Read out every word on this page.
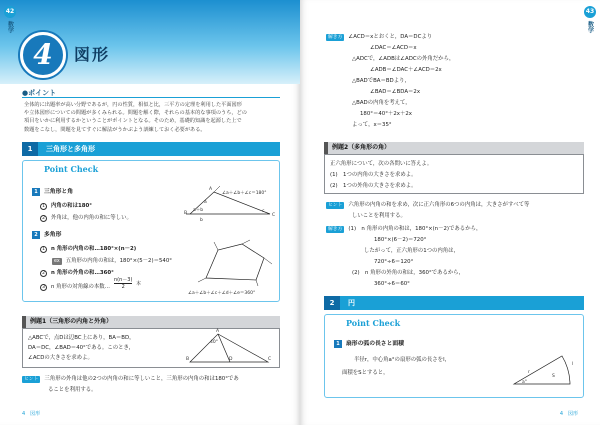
42
数学
4	図形
●ポイント
全体的に出題率が高い分野であるが，円の性質，相似と比，三平方の定理を利用した平面図形
や立体図形についての問題が多くみられる。問題を解く際，それらの基本的な事項のうち，どの
項目をいかに利用するかということがポイントとなる。そのため，基礎的知識を起源した上で
数題をこなし，問題を見てすぐに解法がうかぶよう訓練しておく必要がある。
1 三角形と多角形
Point Check
1 三角形と角
1 内角の和は180°
2 外角は，他の内角の和に等しい。
∠a＋∠b＋∠c＝180°
A
B	C
a
a＋b
b
c
2 多角形
1 n 角形の内角の和…180°×(n－2)
ex 五角形の内角の和は，180°×(5－2)＝540°
2 n 角形の外角の和…360°
3 n 角形の対角線の本数… $\frac{n(n-3)}{2}$ 本
∠a＋∠b＋∠c＋∠d＋∠e＝360°
例題1（三角形の内角と外角）
△ABCで，点Dは辺BC上にあり，BA＝BD，
DA＝DC，∠BAD＝40°である。このとき，
∠ACDの大きさを求めよ。
A
B	C
D
40°
ヒント 三角形の外角は他の2つの内角の和に等しいこと，三角形の内角の和は180°であ
ることを利用する。
4　図形
43
数学
解き方 ∠ACD＝xとおくと，DA＝DCより
∠DAC＝∠ACD＝x
△ADCで，∠ADBは∠ADCの外角だから，
∠ADB＝∠DAC＋∠ACD＝2x
△BADでBA＝BDより，
∠BAD＝∠BDA＝2x
△BADの内角を考えて，
180°＝40°＋2x＋2x
よって，x＝35°
例題2（多角形の角）
正六角形について，次の各問いに答えよ。
(1)　1つの内角の大きさを求めよ。
(2)　1つの外角の大きさを求めよ。
ヒント 六角形の内角の和を求め，次に正六角形の6つの内角は，大きさがすべて等
しいことを利用する。
解き方 (1)　n 角形の内角の和は，180°×(n－2)であるから，
180°×(6－2)＝720°
したがって，正六角形の1つの内角は，
720°÷6＝120°
(2)　n 角形の外角の和は，360°であるから，
360°÷6＝60°
2 円
Point Check
1 扇形の弧の長さと面積
半径r，中心角a°の扇形の弧の長さをl，
面積をSとすると，	r
a°
l
S
4　図形
